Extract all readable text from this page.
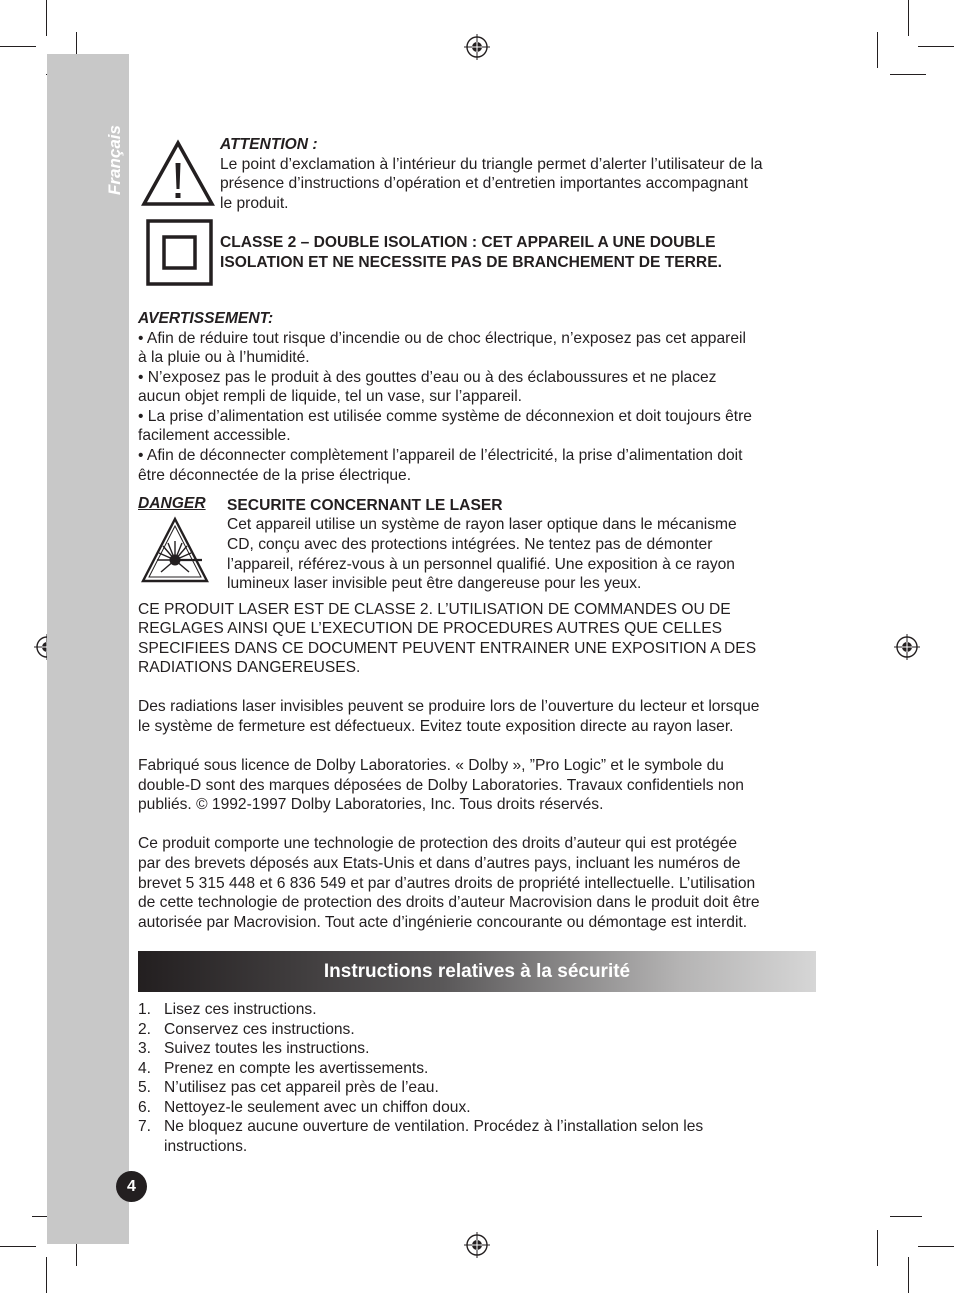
Français
4
ATTENTION :
Le point d’exclamation à l’intérieur du triangle permet d’alerter l’utilisateur de la
présence d’instructions d’opération et d’entretien importantes accompagnant
le produit.
CLASSE 2 – DOUBLE ISOLATION : CET APPAREIL A UNE DOUBLE
ISOLATION ET NE NECESSITE PAS DE BRANCHEMENT DE TERRE.
AVERTISSEMENT:
• Afin de réduire tout risque d’incendie ou de choc électrique, n’exposez pas cet appareil
à la pluie ou à l’humidité.
• N’exposez pas le produit à des gouttes d’eau ou à des éclaboussures et ne placez
aucun objet rempli de liquide, tel un vase, sur l’appareil.
• La prise d’alimentation est utilisée comme système de déconnexion et doit toujours être
facilement accessible.
• Afin de déconnecter complètement l’appareil de l’électricité, la prise d’alimentation doit
être déconnectée de la prise électrique.
DANGER SECURITE CONCERNANT LE LASER
Cet appareil utilise un système de rayon laser optique dans le mécanisme
CD, conçu avec des protections intégrées. Ne tentez pas de démonter
l’appareil, référez-vous à un personnel qualifié. Une exposition à ce rayon
lumineux laser invisible peut être dangereuse pour les yeux.
CE PRODUIT LASER EST DE CLASSE 2. L’UTILISATION DE COMMANDES OU DE
REGLAGES AINSI QUE L’EXECUTION DE PROCEDURES AUTRES QUE CELLES
SPECIFIEES DANS CE DOCUMENT PEUVENT ENTRAINER UNE EXPOSITION A DES
RADIATIONS DANGEREUSES.
Des radiations laser invisibles peuvent se produire lors de l’ouverture du lecteur et lorsque
le système de fermeture est défectueux. Evitez toute exposition directe au rayon laser.
Fabriqué sous licence de Dolby Laboratories. « Dolby », ”Pro Logic” et le symbole du
double-D sont des marques déposées de Dolby Laboratories. Travaux confidentiels non
publiés. © 1992-1997 Dolby Laboratories, Inc. Tous droits réservés.
Ce produit comporte une technologie de protection des droits d’auteur qui est protégée
par des brevets déposés aux Etats-Unis et dans d’autres pays, incluant les numéros de
brevet 5 315 448 et 6 836 549 et par d’autres droits de propriété intellectuelle. L’utilisation
de cette technologie de protection des droits d’auteur Macrovision dans le produit doit être
autorisée par Macrovision. Tout acte d’ingénierie concourante ou démontage est interdit.
Instructions relatives à la sécurité
1. Lisez ces instructions.
2. Conservez ces instructions.
3. Suivez toutes les instructions.
4. Prenez en compte les avertissements.
5. N’utilisez pas cet appareil près de l’eau.
6. Nettoyez-le seulement avec un chiffon doux.
7. Ne bloquez aucune ouverture de ventilation. Procédez à l’installation selon les
instructions.
